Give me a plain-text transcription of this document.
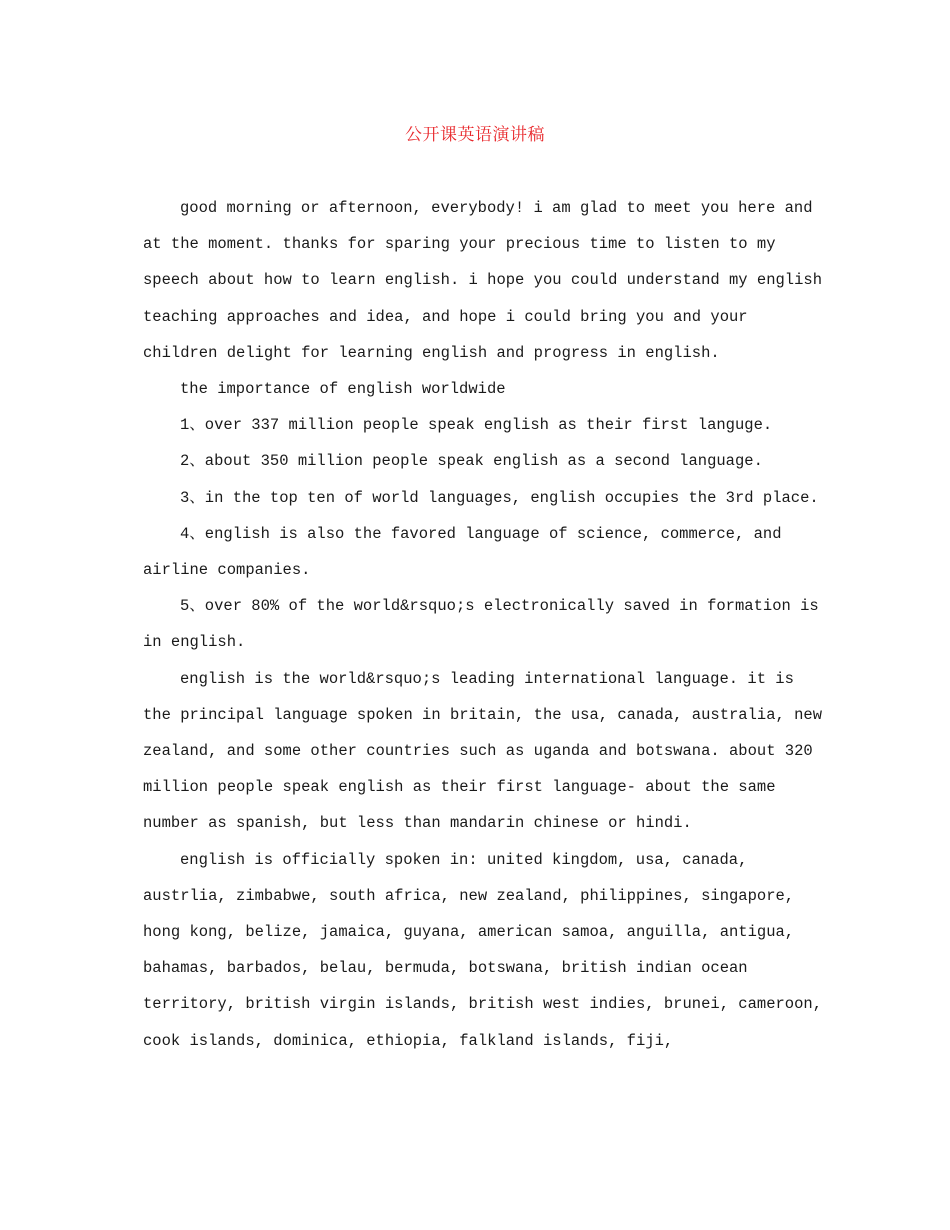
公开课英语演讲稿

good morning or afternoon, everybody! i am glad to meet you here and at the moment. thanks for sparing your precious time to listen to my speech about how to learn english. i hope you could understand my english teaching approaches and idea, and hope i could bring you and your children delight for learning english and progress in english.

the importance of english worldwide

1、over 337 million people speak english as their first languge.

2、about 350 million people speak english as a second language.

3、in the top ten of world languages, english occupies the 3rd place.

4、english is also the favored language of science, commerce, and airline companies.

5、over 80% of the world&rsquo;s electronically saved in formation is in english.

english is the world&rsquo;s leading international language. it is the principal language spoken in britain, the usa, canada, australia, new zealand, and some other countries such as uganda and botswana. about 320 million people speak english as their first language- about the same number as spanish, but less than mandarin chinese or hindi.

english is officially spoken in: united kingdom, usa, canada, austrlia, zimbabwe, south africa, new zealand, philippines, singapore, hong kong, belize, jamaica, guyana, american samoa, anguilla, antigua, bahamas, barbados, belau, bermuda, botswana, british indian ocean territory, british virgin islands, british west indies, brunei, cameroon, cook islands, dominica, ethiopia, falkland islands, fiji,
